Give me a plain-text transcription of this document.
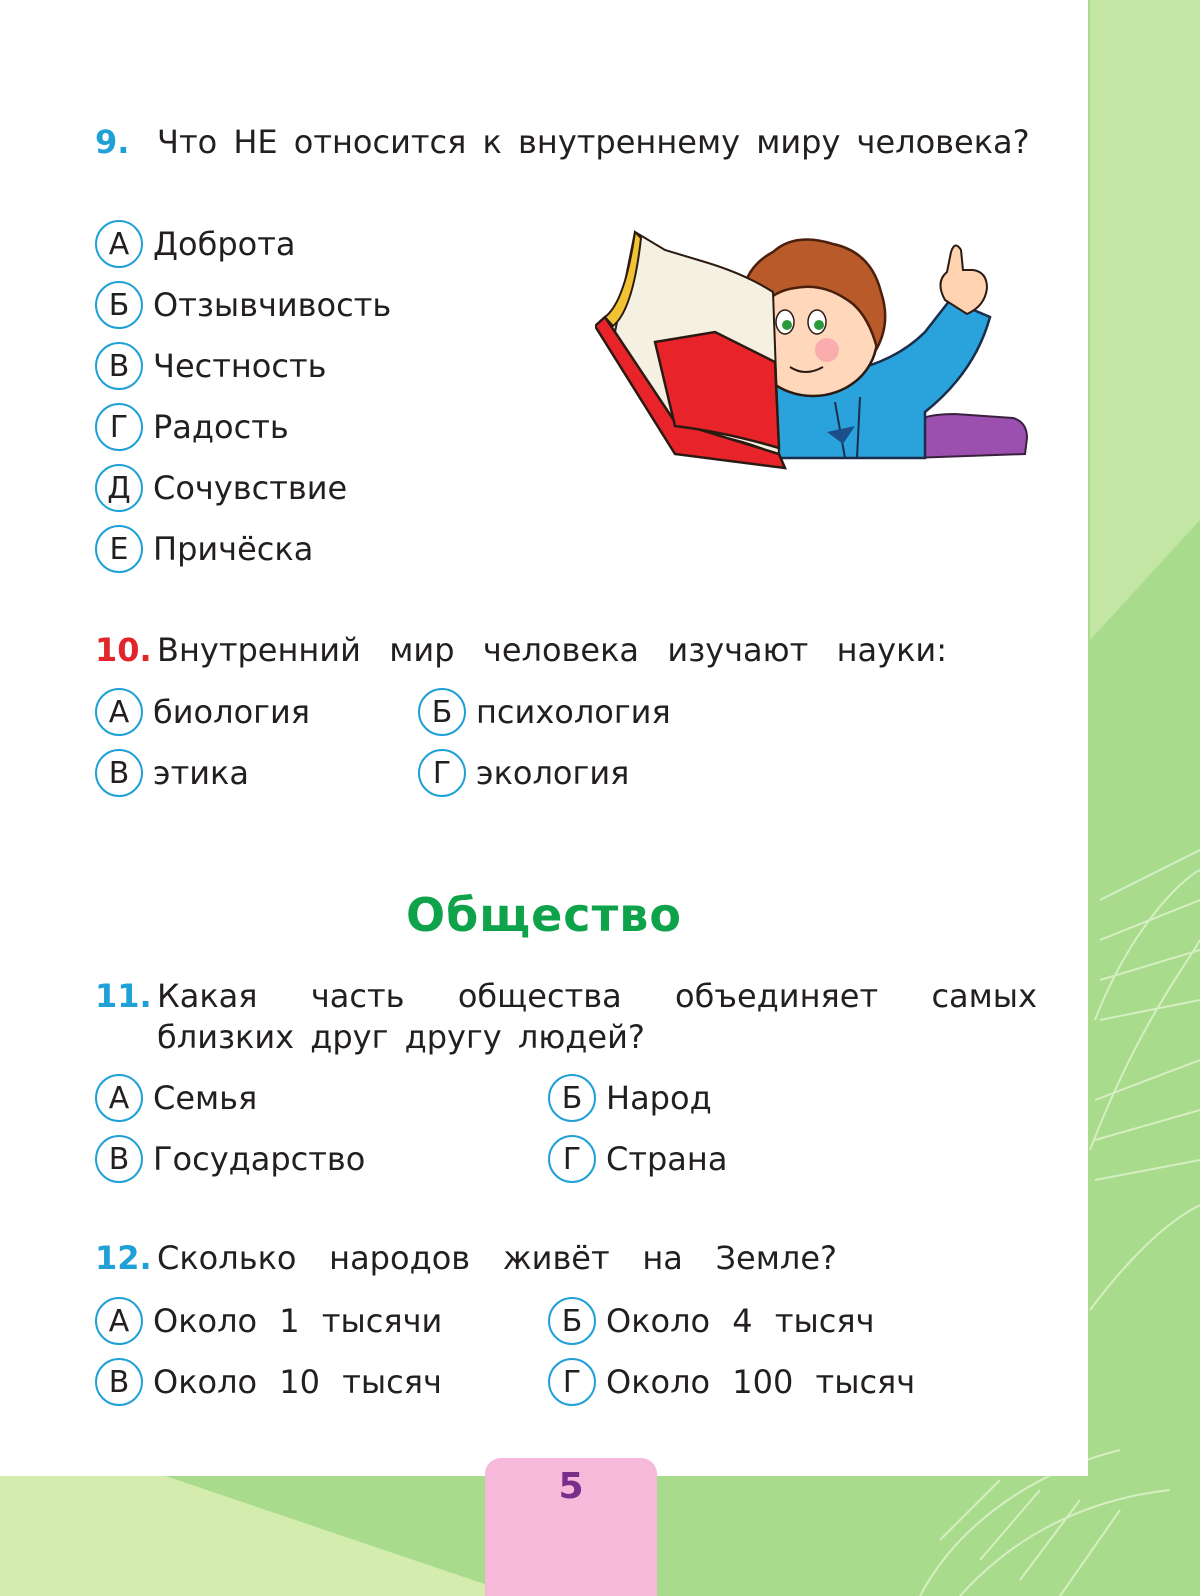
9. Что НЕ относится к внутреннему миру человека?
А Доброта
Б Отзывчивость
В Честность
Г Радость
Д Сочувствие
Е Причёска
10. Внутренний мир человека изучают науки:
А биология	Б психология
В этика	Г экология
Общество
11. Какая часть общества объединяет самых близких друг другу людей?
А Семья	Б Народ
В Государство	Г Страна
12. Сколько народов живёт на Земле?
А Около 1 тысячи	Б Около 4 тысяч
В Около 10 тысяч	Г Около 100 тысяч
5
